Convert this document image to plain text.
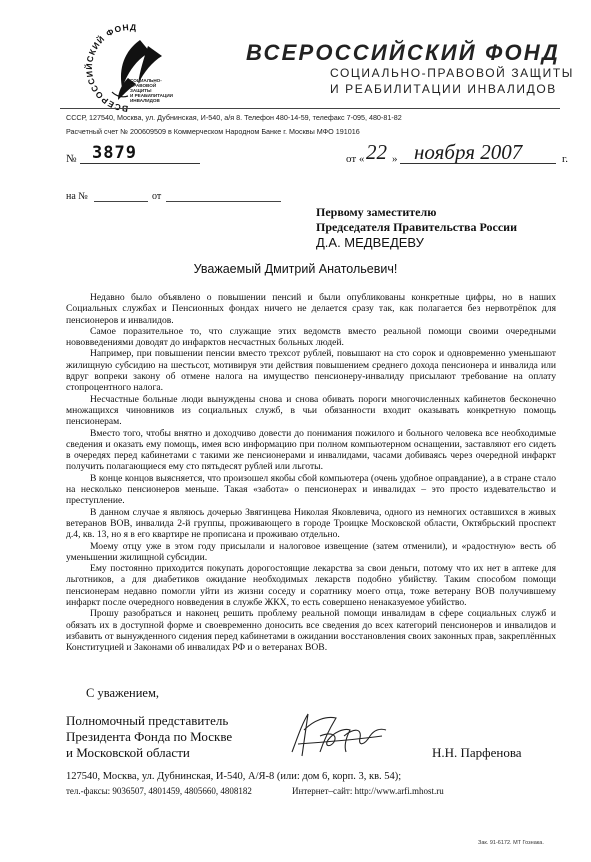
ВСЕРОССИЙСКИЙ ФОНД
СОЦИАЛЬНО-
ПРАВОВОЙ
ЗАЩИТЫ
И РЕАБИЛИТАЦИИ
ИНВАЛИДОВ
ВСЕРОССИЙСКИЙ ФОНД
СОЦИАЛЬНО-ПРАВОВОЙ ЗАЩИТЫ
И РЕАБИЛИТАЦИИ ИНВАЛИДОВ
СССР, 127540, Москва, ул. Дубнинская, И-540, а/я 8. Телефон 480-14-59, телефакс 7-095, 480-81-82
Расчетный счет № 200609509 в Коммерческом Народном Банке г. Москвы МФО 191016
№ 3879	от « 22 » ноября 2007	г.
на №	от
Первому заместителю
Председателя Правительства России
Д.А. МЕДВЕДЕВУ
Уважаемый Дмитрий Анатольевич!

Недавно было объявлено о повышении пенсий и были опубликованы конкретные цифры, но в наших Социальных службах и Пенсионных фондах ничего не делается сразу так, как полагается без нервотрёпок для пенсионеров и инвалидов.

Самое поразительное то, что служащие этих ведомств вместо реальной помощи своими очередными нововведениями доводят до инфарктов несчастных больных людей.

Например, при повышении пенсии вместо трехсот рублей, повышают на сто сорок и одновременно уменьшают жилищную субсидию на шестьсот, мотивируя эти действия повышением среднего дохода пенсионера и инвалида или вдруг вопреки закону об отмене налога на имущество пенсионеру-инвалиду присылают требование на оплату стопроцентного налога.

Несчастные больные люди вынуждены снова и снова обивать пороги многочисленных кабинетов бесконечно множащихся чиновников из социальных служб, в чьи обязанности входит оказывать конкретную помощь пенсионерам.

Вместо того, чтобы внятно и доходчиво довести до понимания пожилого и больного человека все необходимые сведения и оказать ему помощь, имея всю информацию при полном компьютерном оснащении, заставляют его сидеть в очередях перед кабинетами с такими же пенсионерами и инвалидами, часами добиваясь через очередной инфаркт получить полагающиеся ему сто пятьдесят рублей или льготы.

В конце концов выясняется, что произошел якобы сбой компьютера (очень удобное оправдание), а в стране стало на несколько пенсионеров меньше. Такая «забота» о пенсионерах и инвалидах – это просто издевательство и преступление.

В данном случае я являюсь дочерью Звягинцева Николая Яковлевича, одного из немногих оставшихся в живых ветеранов ВОВ, инвалида 2-й группы, проживающего в городе Троицке Московской области, Октябрьский проспект д.4, кв. 13, но я в его квартире не прописана и проживаю отдельно.

Моему отцу уже в этом году присылали и налоговое извещение (затем отменили), и «радостную» весть об уменьшении жилищной субсидии.

Ему постоянно приходится покупать дорогостоящие лекарства за свои деньги, потому что их нет в аптеке для льготников, а для диабетиков ожидание необходимых лекарств подобно убийству. Таким способом помощи пенсионерам недавно помогли уйти из жизни соседу и соратнику моего отца, тоже ветерану ВОВ получившему инфаркт после очередного новведения в службе ЖКХ, то есть совершено ненаказуемое убийство.

Прошу разобраться и наконец решить проблему реальной помощи инвалидам в сфере социальных служб и обязать их в доступной форме и своевременно доносить все сведения до всех категорий пенсионеров и инвалидов и избавить от вынужденного сидения перед кабинетами в ожидании восстановления своих законных прав, закреплённых Конституцией и Законами об инвалидах РФ и о ветеранах ВОВ.

С уважением,
Полномочный представитель
Президента Фонда по Москве
и Московской области	Н.Н. Парфенова
127540, Москва, ул. Дубнинская, И-540, А/Я-8 (или: дом 6, корп. 3, кв. 54);
тел.-факсы: 9036507, 4801459, 4805660, 4808182	Интернет–сайт: http://www.arfi.mhost.ru
Зак. 91-6172. МТ Гознака.
